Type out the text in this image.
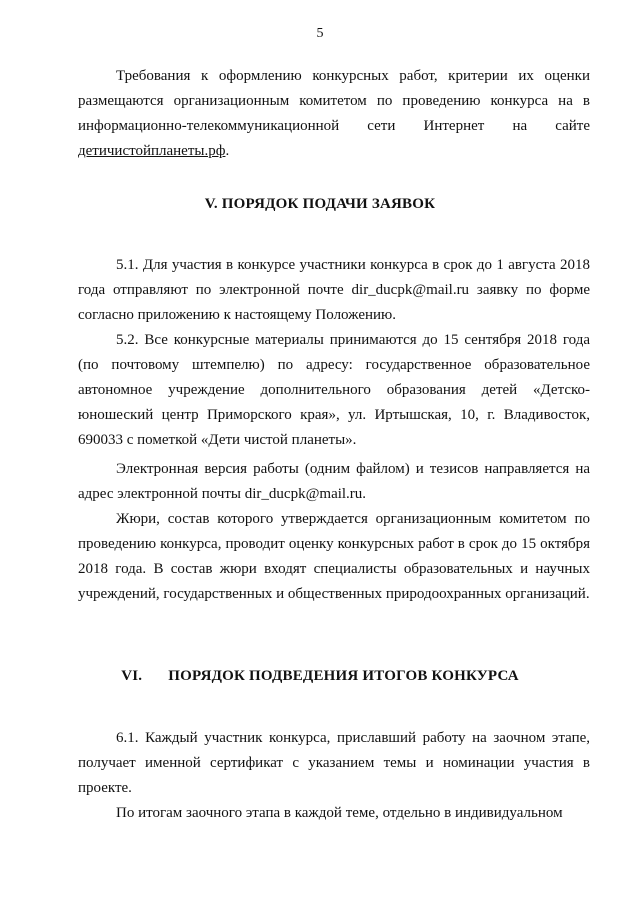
5

Требования к оформлению конкурсных работ, критерии их оценки размещаются организационным комитетом по проведению конкурса на в информационно-телекоммуникационной сети Интернет на сайте детичистойпланеты.рф.

V. ПОРЯДОК ПОДАЧИ ЗАЯВОК

5.1. Для участия в конкурсе участники конкурса в срок до 1 августа 2018 года отправляют по электронной почте dir_ducpk@mail.ru заявку по форме согласно приложению к настоящему Положению.

5.2. Все конкурсные материалы принимаются до 15 сентября 2018 года (по почтовому штемпелю) по адресу: государственное образовательное автономное учреждение дополнительного образования детей «Детско-юношеский центр Приморского края», ул. Иртышская, 10, г. Владивосток, 690033 с пометкой «Дети чистой планеты».

Электронная версия работы (одним файлом) и тезисов направляется на адрес электронной почты dir_ducpk@mail.ru.

Жюри, состав которого утверждается организационным комитетом по проведению конкурса, проводит оценку конкурсных работ в срок до 15 октября 2018 года. В состав жюри входят специалисты образовательных и научных учреждений, государственных и общественных природоохранных организаций.

VI. ПОРЯДОК ПОДВЕДЕНИЯ ИТОГОВ КОНКУРСА

6.1. Каждый участник конкурса, приславший работу на заочном этапе, получает именной сертификат с указанием темы и номинации участия в проекте.

По итогам заочного этапа в каждой теме, отдельно в индивидуальном
